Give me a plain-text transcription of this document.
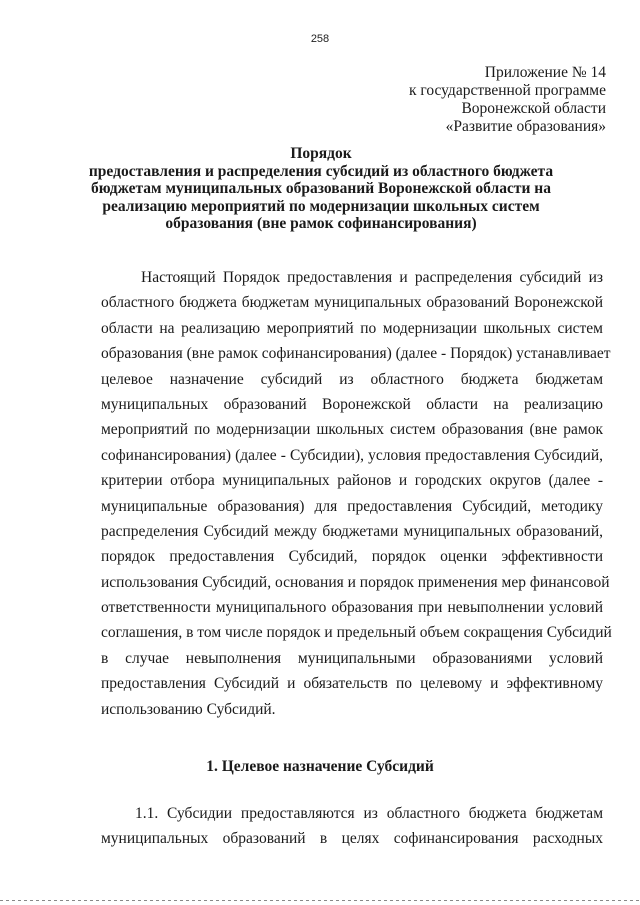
258
Приложение № 14
к государственной программе
Воронежской области
«Развитие образования»
Порядок
предоставления и распределения субсидий из областного бюджета
бюджетам муниципальных образований Воронежской области на
реализацию мероприятий по модернизации школьных систем
образования (вне рамок софинансирования)
Настоящий Порядок предоставления и распределения субсидий из
областного бюджета бюджетам муниципальных образований Воронежской
области на реализацию мероприятий по модернизации школьных систем
образования (вне рамок софинансирования) (далее - Порядок) устанавливает
целевое назначение субсидий из областного бюджета бюджетам
муниципальных образований Воронежской области на реализацию
мероприятий по модернизации школьных систем образования (вне рамок
софинансирования) (далее - Субсидии), условия предоставления Субсидий,
критерии отбора муниципальных районов и городских округов (далее -
муниципальные образования) для предоставления Субсидий, методику
распределения Субсидий между бюджетами муниципальных образований,
порядок предоставления Субсидий, порядок оценки эффективности
использования Субсидий, основания и порядок применения мер финансовой
ответственности муниципального образования при невыполнении условий
соглашения, в том числе порядок и предельный объем сокращения Субсидий
в случае невыполнения муниципальными образованиями условий
предоставления Субсидий и обязательств по целевому и эффективному
использованию Субсидий.
1. Целевое назначение Субсидий
1.1. Субсидии предоставляются из областного бюджета бюджетам
муниципальных образований в целях софинансирования расходных
